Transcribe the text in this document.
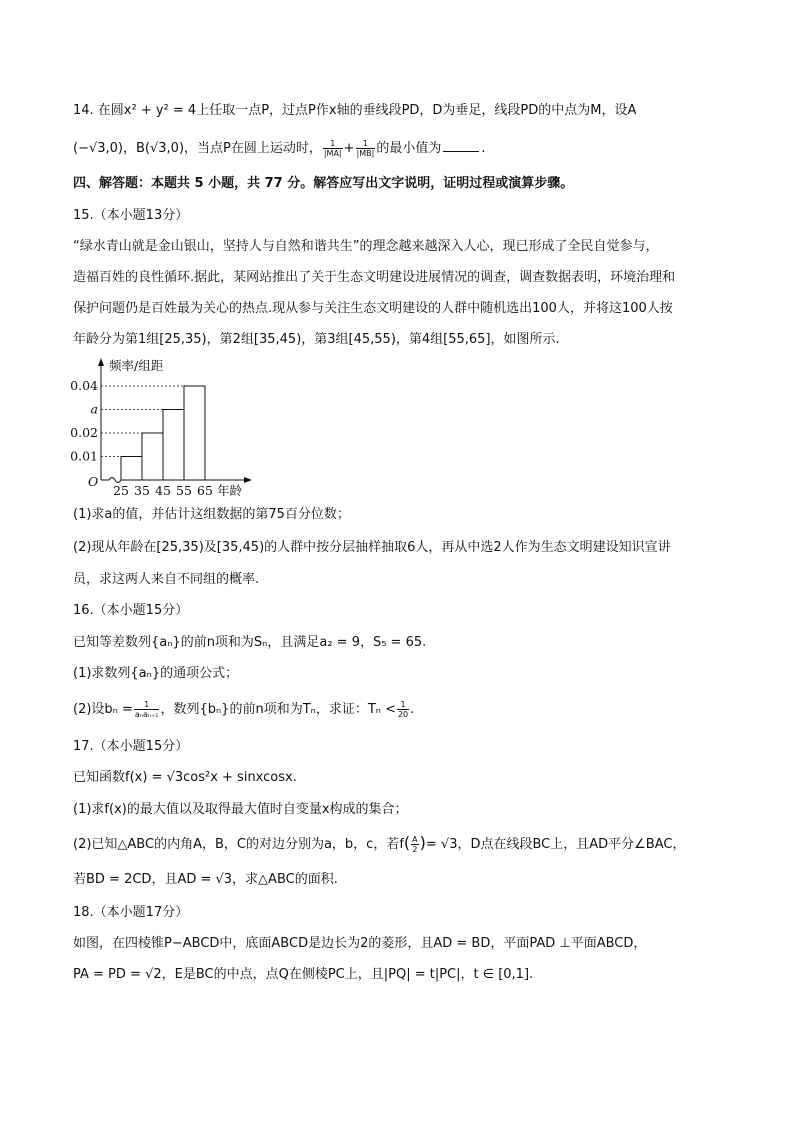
14. 在圆x² + y² = 4上任取一点P，过点P作x轴的垂线段PD，D为垂足，线段PD的中点为M，设A
(−√3,0)，B(√3,0)，当点P在圆上运动时， $\frac{1}{|MA|} + \frac{1}{|MB|}$ 的最小值为	.
四、解答题：本题共 5 小题，共 77 分。解答应写出文字说明，证明过程或演算步骤。
15.（本小题13分）
“绿水青山就是金山银山，坚持人与自然和谐共生”的理念越来越深入人心，现已形成了全民自觉参与，
造福百姓的良性循环.据此，某网站推出了关于生态文明建设进展情况的调查，调查数据表明，环境治理和
保护问题仍是百姓最为关心的热点.现从参与关注生态文明建设的人群中随机选出100人，并将这100人按
年龄分为第1组[25,35)，第2组[35,45)，第3组[45,55)，第4组[55,65]，如图所示.
0.01
0.02
a
0.04
25 35 45 55 65
O
频率/组距
年龄
(1)求a的值，并估计这组数据的第75百分位数；
(2)现从年龄在[25,35)及[35,45)的人群中按分层抽样抽取6人，再从中选2人作为生态文明建设知识宣讲
员，求这两人来自不同组的概率.
16.（本小题15分）
已知等差数列{aₙ}的前n项和为Sₙ，且满足a₂ = 9，S₅ = 65.
(1)求数列{aₙ}的通项公式；
(2)设$b_n = \frac{1}{\text{aₙaₙ₊₁}}$ ，数列{bₙ}的前n项和为Tₙ，求证：$T_n < \frac{1}{20}$ .
17.（本小题15分）
已知函数f(x) = √3cos²x + sinxcosx.
(1)求f(x)的最大值以及取得最大值时自变量x构成的集合；
(2)已知△ABC的内角A，B，C的对边分别为a，b，c，若$f( \frac{A}{2}$ )= √3，D点在线段BC上，且AD平分∠BAC，
若BD = 2CD，且AD = √3，求△ABC的面积.
18.（本小题17分）
如图，在四棱锥P−ABCD中，底面ABCD是边长为2的菱形，且AD = BD，平面PAD ⊥平面ABCD，
PA = PD = √2，E是BC的中点，点Q在侧棱PC上，且|PQ| = t|PC|，t ∈ [0,1].
